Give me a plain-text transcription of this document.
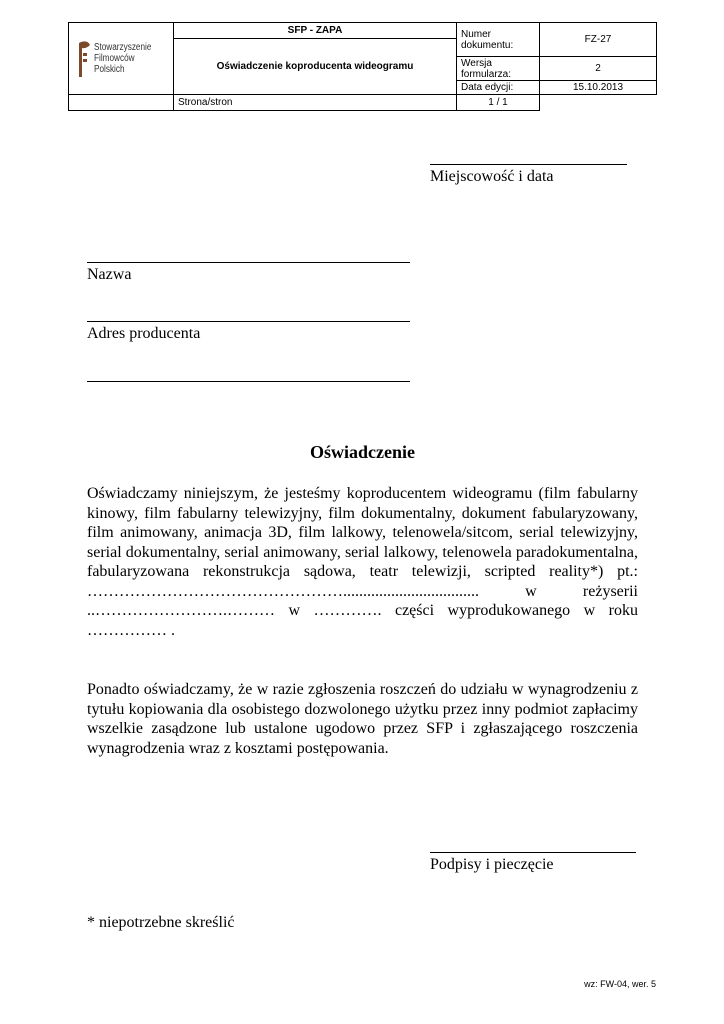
Stowarzyszenie
Filmowców
Polskich	SFP - ZAPA	Numer dokumentu:	FZ-27
	Oświadczenie koproducenta wideogramu		
		Wersja formularza:	2
		Data edycji:	15.10.2013
	Strona/stron	1 / 1	
Miejscowość i data
Nazwa
Adres producenta
Oświadczenie
Oświadczamy niniejszym, że jesteśmy koproducentem wideogramu (film fabularny kinowy, film fabularny telewizyjny, film dokumentalny, dokument fabularyzowany, film animowany, animacja 3D, film lalkowy, telenowela/sitcom, serial telewizyjny, serial dokumentalny, serial animowany, serial lalkowy, telenowela paradokumentalna, fabularyzowana rekonstrukcja sądowa, teatr telewizji, scripted reality*) pt.: ………………………………………….................................. w reżyserii ..…………………….……… w …………. części wyprodukowanego w roku …………… .
Ponadto oświadczamy, że w razie zgłoszenia roszczeń do udziału w wynagrodzeniu z tytułu kopiowania dla osobistego dozwolonego użytku przez inny podmiot zapłacimy wszelkie zasądzone lub ustalone ugodowo przez SFP i zgłaszającego roszczenia wynagrodzenia wraz z kosztami postępowania.
Podpisy i pieczęcie
* niepotrzebne skreślić
wz: FW-04, wer. 5
